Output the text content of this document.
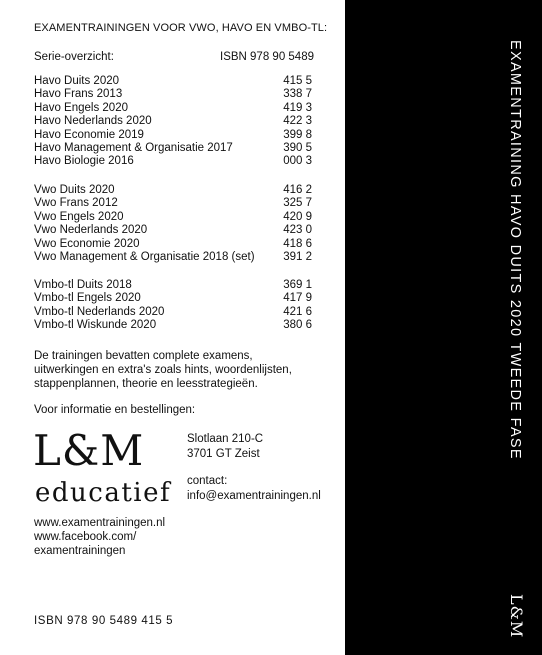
EXAMENTRAININGEN VOOR VWO, HAVO EN VMBO-TL:
Serie-overzicht:	ISBN 978 90 5489
Havo Duits 2020	415 5
Havo Frans 2013	338 7
Havo Engels 2020	419 3
Havo Nederlands 2020	422 3
Havo Economie 2019	399 8
Havo Management & Organisatie 2017	390 5
Havo Biologie 2016	000 3
Vwo Duits 2020	416 2
Vwo Frans 2012	325 7
Vwo Engels 2020	420 9
Vwo Nederlands 2020	423 0
Vwo Economie 2020	418 6
Vwo Management & Organisatie 2018 (set) 391 2
Vmbo-tl Duits 2018	369 1
Vmbo-tl Engels 2020	417 9
Vmbo-tl Nederlands 2020	421 6
Vmbo-tl Wiskunde 2020	380 6
De trainingen bevatten complete examens,
uitwerkingen en extra's zoals hints, woordenlijsten,
stappenplannen, theorie en leesstrategieën.
Voor informatie en bestellingen:
L&M
educatief
Slotlaan 210-C
3701 GT Zeist
contact:
info@examentrainingen.nl
www.examentrainingen.nl
www.facebook.com/
examentrainingen
ISBN 978 90 5489 415 5
EXAMENTRAINING HAVO DUITS 2020 TWEEDE FASE
L&M
